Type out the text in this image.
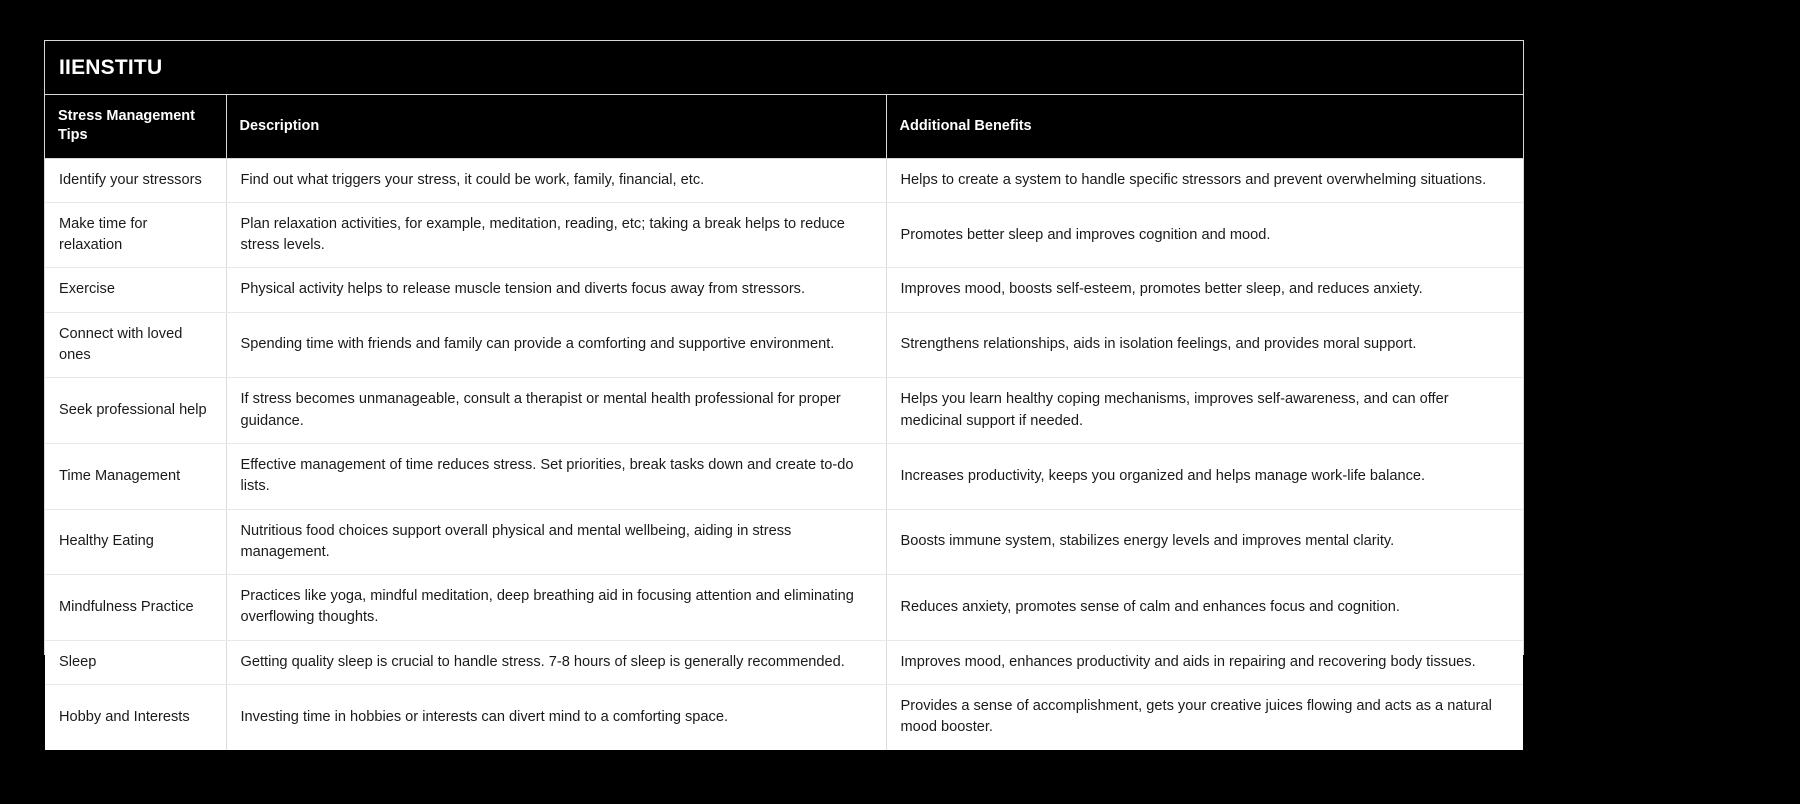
IIENSTITU
Stress Management Tips	Description	Additional Benefits
Identify your stressors	Find out what triggers your stress, it could be work, family, financial, etc.	Helps to create a system to handle specific stressors and prevent overwhelming situations.
Make time for relaxation	Plan relaxation activities, for example, meditation, reading, etc; taking a break helps to reduce stress levels.	Promotes better sleep and improves cognition and mood.
Exercise	Physical activity helps to release muscle tension and diverts focus away from stressors.	Improves mood, boosts self-esteem, promotes better sleep, and reduces anxiety.
Connect with loved ones	Spending time with friends and family can provide a comforting and supportive environment.	Strengthens relationships, aids in isolation feelings, and provides moral support.
Seek professional help	If stress becomes unmanageable, consult a therapist or mental health professional for proper guidance.	Helps you learn healthy coping mechanisms, improves self-awareness, and can offer medicinal support if needed.
Time Management	Effective management of time reduces stress. Set priorities, break tasks down and create to-do lists.	Increases productivity, keeps you organized and helps manage work-life balance.
Healthy Eating	Nutritious food choices support overall physical and mental wellbeing, aiding in stress management.	Boosts immune system, stabilizes energy levels and improves mental clarity.
Mindfulness Practice	Practices like yoga, mindful meditation, deep breathing aid in focusing attention and eliminating overflowing thoughts.	Reduces anxiety, promotes sense of calm and enhances focus and cognition.
Sleep	Getting quality sleep is crucial to handle stress. 7-8 hours of sleep is generally recommended.	Improves mood, enhances productivity and aids in repairing and recovering body tissues.
Hobby and Interests	Investing time in hobbies or interests can divert mind to a comforting space.	Provides a sense of accomplishment, gets your creative juices flowing and acts as a natural mood booster.
